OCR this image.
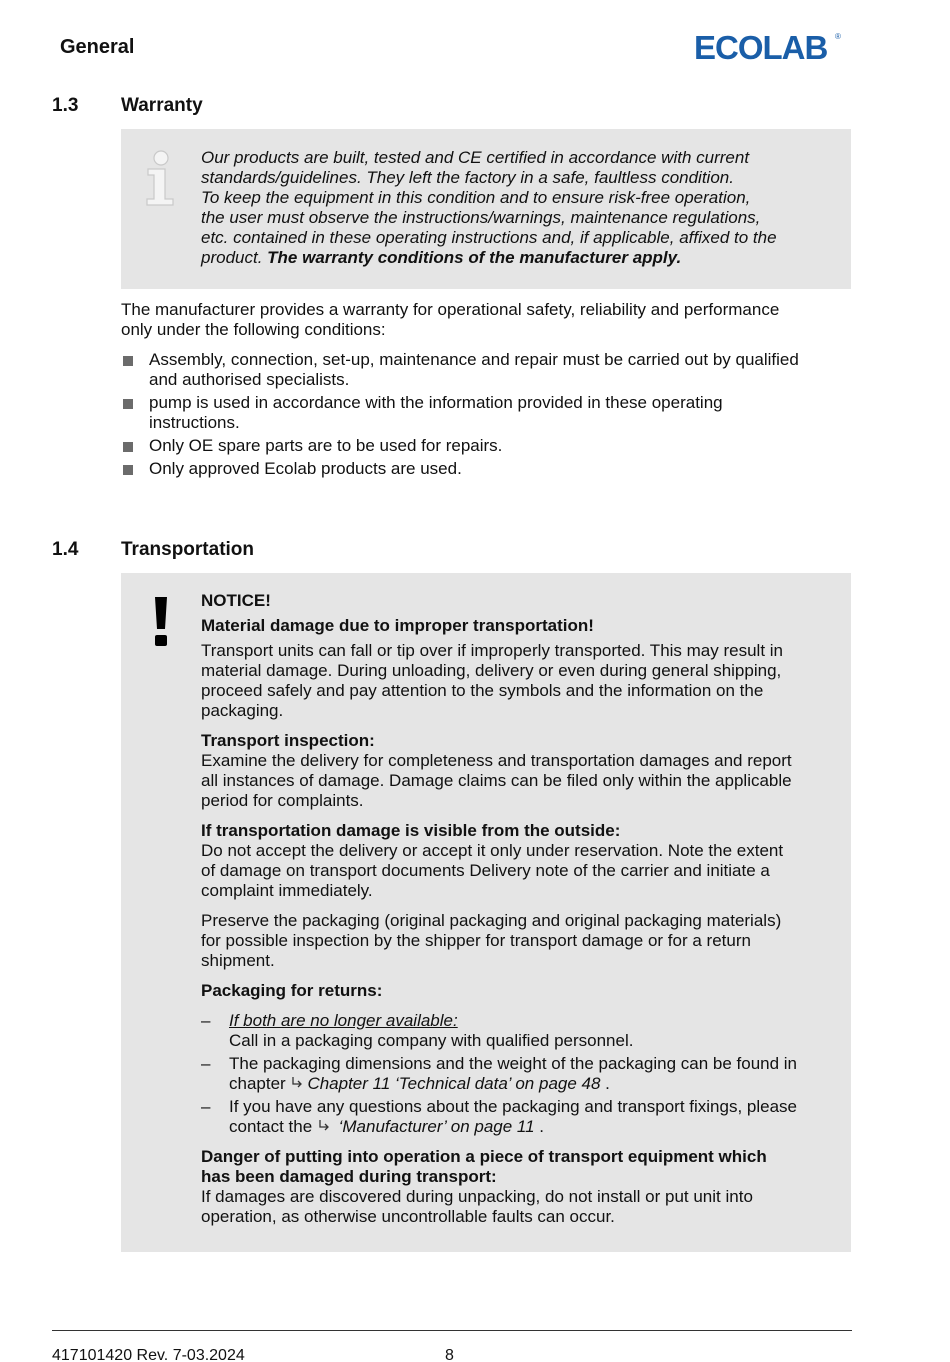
General	ECOLAB ®
1.3 Warranty

Our products are built, tested and CE certified in accordance with current

standards/guidelines. They left the factory in a safe, faultless condition.

To keep the equipment in this condition and to ensure risk-free operation,

the user must observe the instructions/warnings, maintenance regulations,

etc. contained in these operating instructions and, if applicable, affixed to the

product. The warranty conditions of the manufacturer apply.

The manufacturer provides a warranty for operational safety, reliability and performance

only under the following conditions:

Assembly, connection, set-up, maintenance and repair must be carried out by qualified

and authorised specialists.

pump is used in accordance with the information provided in these operating

instructions.

Only OE spare parts are to be used for repairs.

Only approved Ecolab products are used.

1.4 Transportation

NOTICE!

Material damage due to improper transportation!

Transport units can fall or tip over if improperly transported. This may result in

material damage. During unloading, delivery or even during general shipping,

proceed safely and pay attention to the symbols and the information on the

packaging.

Transport inspection:

Examine the delivery for completeness and transportation damages and report

all instances of damage. Damage claims can be filed only within the applicable

period for complaints.

If transportation damage is visible from the outside:

Do not accept the delivery or accept it only under reservation. Note the extent

of damage on transport documents Delivery note of the carrier and initiate a

complaint immediately.

Preserve the packaging (original packaging and original packaging materials)

for possible inspection by the shipper for transport damage or for a return

shipment.

Packaging for returns:

– If both are no longer available:

Call in a packaging company with qualified personnel.

– The packaging dimensions and the weight of the packaging can be found in

chapter Chapter 11 ‘Technical data’ on page 48 .

– If you have any questions about the packaging and transport fixings, please

contact the  ‘Manufacturer’ on page 11 .

Danger of putting into operation a piece of transport equipment which

has been damaged during transport:

If damages are discovered during unpacking, do not install or put unit into

operation, as otherwise uncontrollable faults can occur.

417101420 Rev. 7-03.2024	8
